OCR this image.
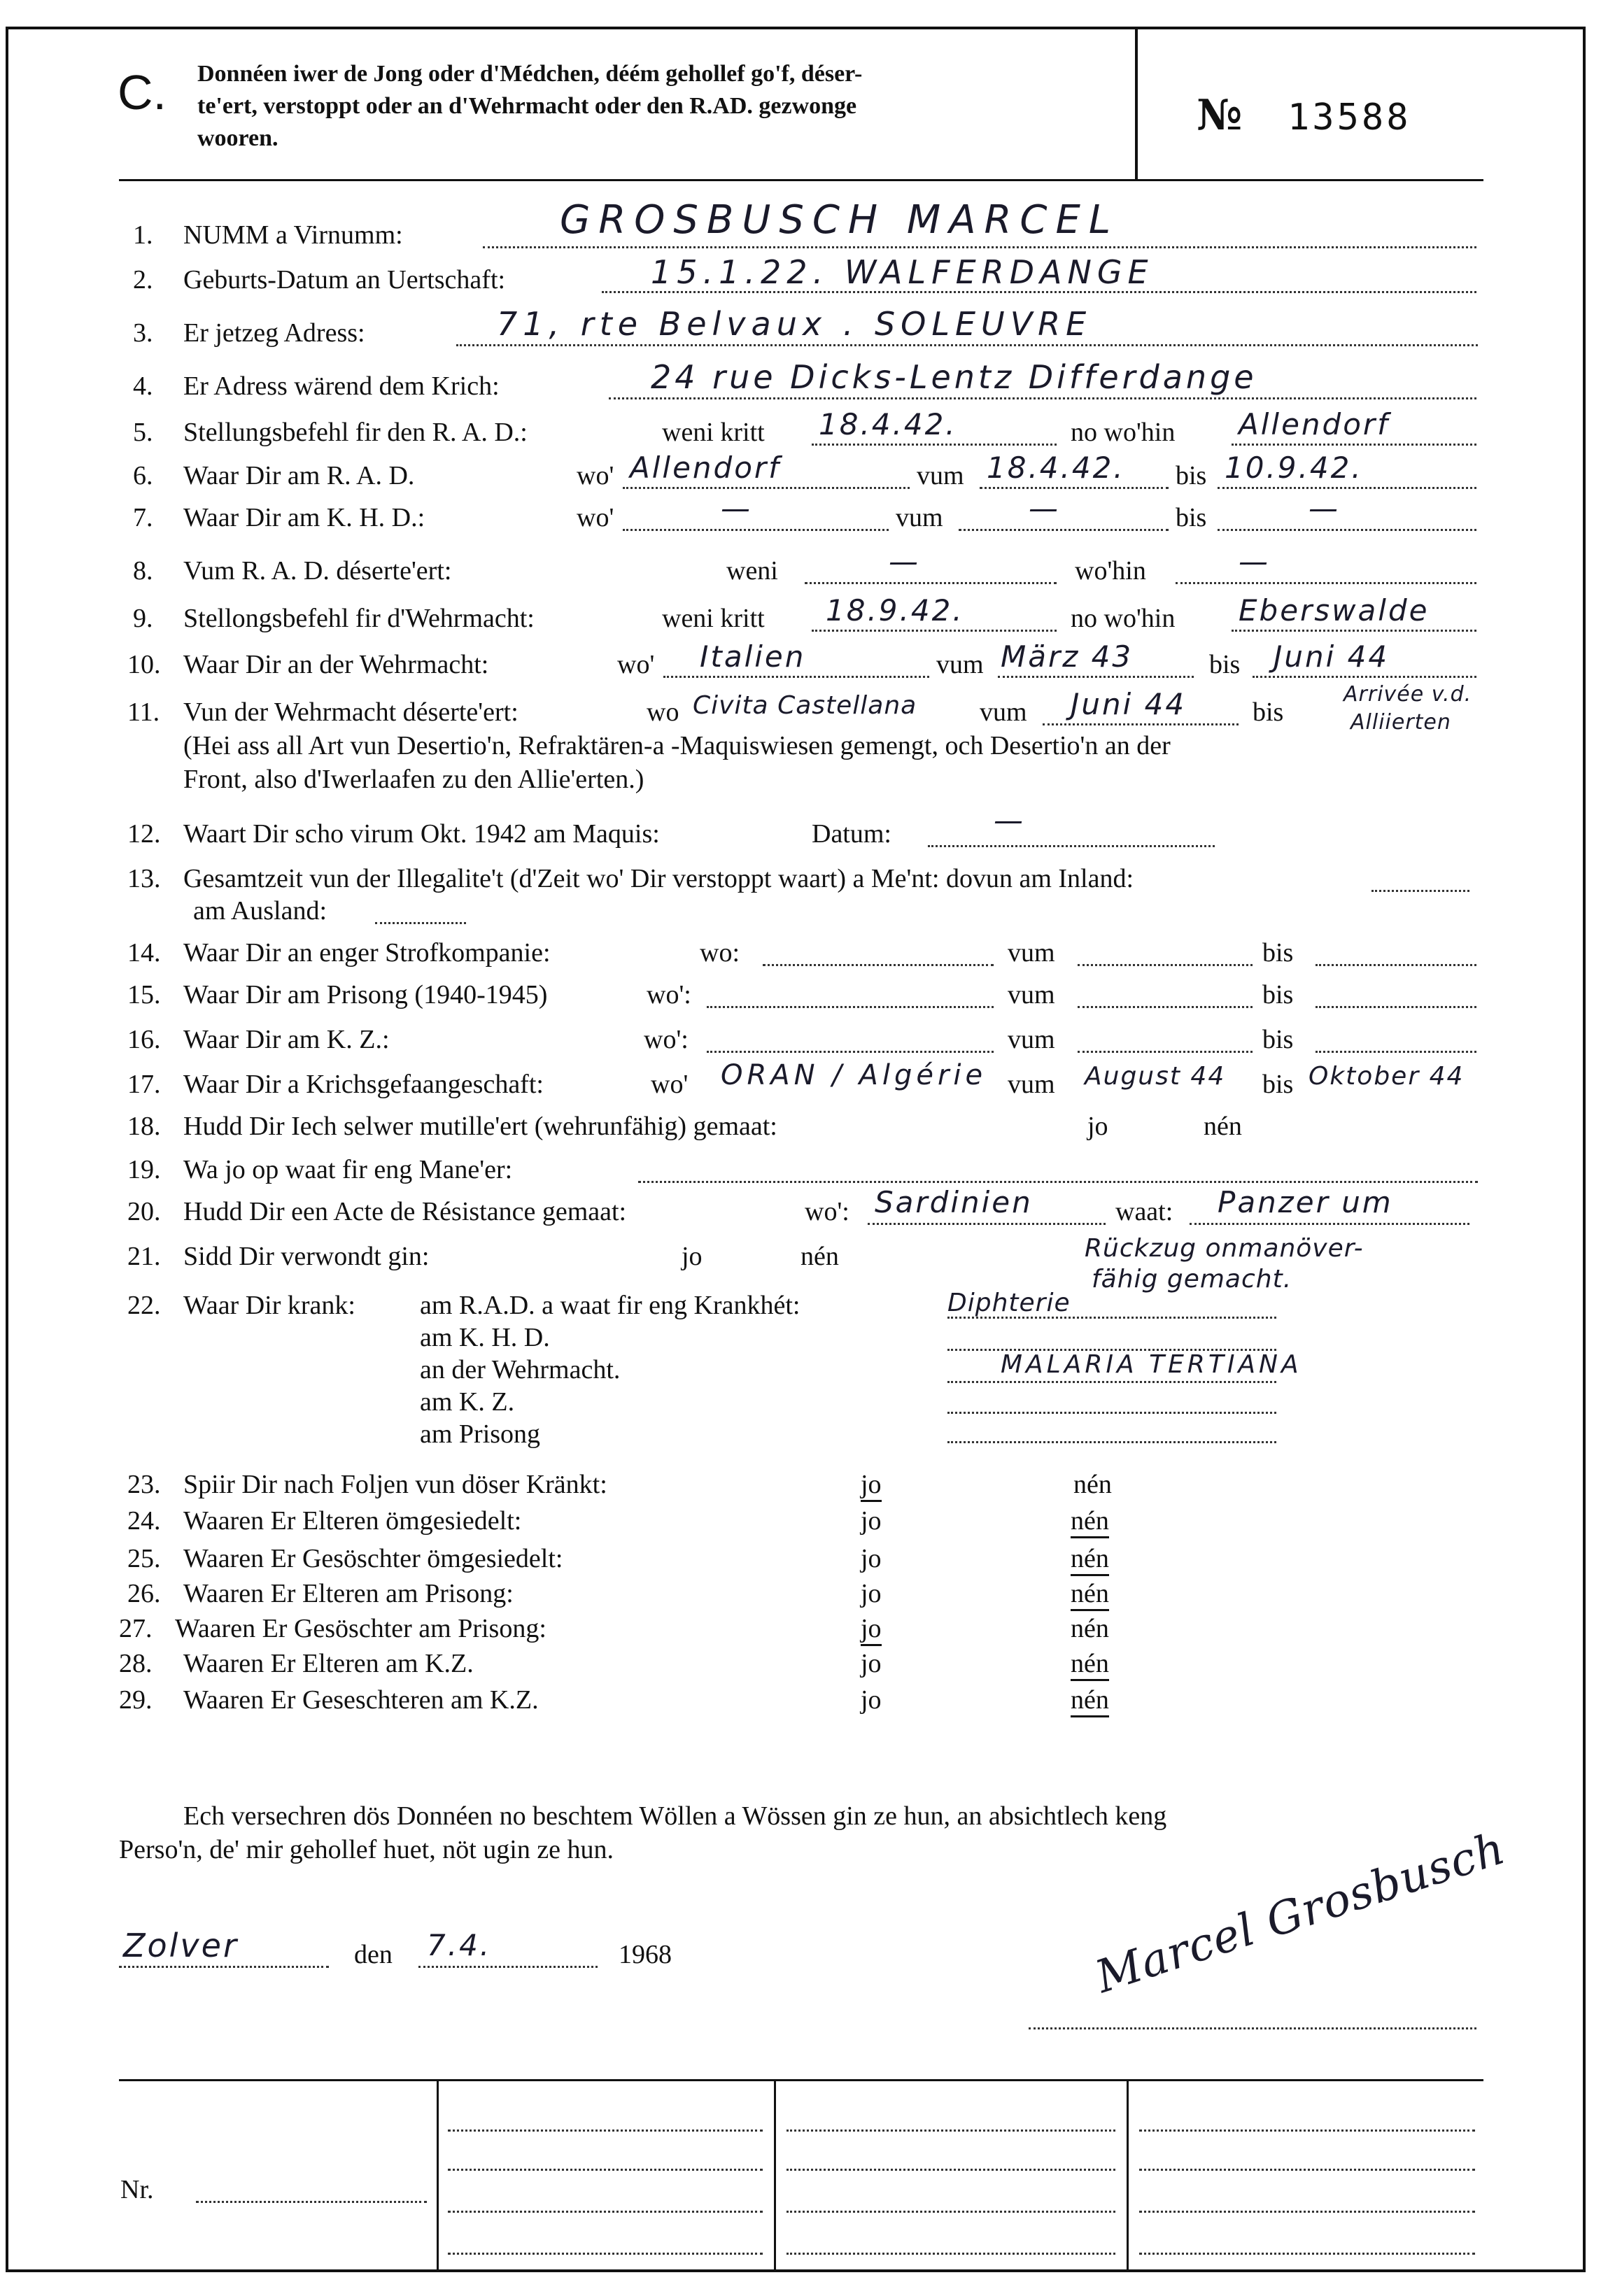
C. Donnéen iwer de Jong oder d'Médchen, déém gehollef go'f, déser-
te'ert, verstoppt oder an d'Wehrmacht oder den R.AD. gezwonge
wooren.	№ 13588
1. NUMM a Virnumm:	GROSBUSCH MARCEL
2. Geburts-Datum an Uertschaft:	15.1.22. WALFERDANGE
3. Er jetzeg Adress:	71, rte Belvaux . SOLEUVRE
4. Er Adress wärend dem Krich:	24 rue Dicks-Lentz Differdange
5. Stellungsbefehl fir den R. A. D.:	weni kritt 18.4.42.	no wo'hin Allendorf
6. Waar Dir am R. A. D.	wo' Allendorf	vum 18.4.42. bis 10.9.42.
7. Waar Dir am K. H. D.:	wo'	—	vum	—	bis	—
8. Vum R. A. D. déserte'ert:	weni	—	wo'hin	—
9. Stellongsbefehl fir d'Wehrmacht:	weni kritt 18.9.42.	no wo'hin Eberswalde
10. Waar Dir an der Wehrmacht:	wo' Italien	vum März 43	bis Juni 44
11. Vun der Wehrmacht déserte'ert:	wo Civita Castellana vum Juni 44 bis
Arrivée v.d.
Alliierten
(Hei ass all Art vun Desertio'n, Refraktären-a -Maquiswiesen gemengt, och Desertio'n an der
Front, also d'Iwerlaafen zu den Allie'erten.)
12. Waart Dir scho virum Okt. 1942 am Maquis:	Datum:	—
13. Gesamtzeit vun der Illegalite't (d'Zeit wo' Dir verstoppt waart) a Me'nt: dovun am Inland:
am Ausland:
14. Waar Dir an enger Strofkompanie:	wo:	vum	bis
15. Waar Dir am Prisong (1940-1945)	wo':	vum	bis
16. Waar Dir am K. Z.:	wo':	vum	bis
17. Waar Dir a Krichsgefaangeschaft:	wo' ORAN / Algérie vum August 44 bis Oktober 44
18. Hudd Dir Iech selwer mutille'ert (wehrunfähig) gemaat:	jo	nén
19. Wa jo op waat fir eng Mane'er:
20. Hudd Dir een Acte de Résistance gemaat:	wo': Sardinien	waat: Panzer um
Rückzug onmanöver-
fähig gemacht.
21. Sidd Dir verwondt gin:	jo	nén
22. Waar Dir krank: am R.A.D. a waat fir eng Krankhét:	Diphterie
am K. H. D.
an der Wehrmacht.	MALARIA TERTIANA
am K. Z.
am Prisong
23. Spiir Dir nach Foljen vun döser Kränkt:	jo	nén
24. Waaren Er Elteren ömgesiedelt:	jo	nén
25. Waaren Er Gesöschter ömgesiedelt:	jo	nén
26. Waaren Er Elteren am Prisong:	jo	nén
27. Waaren Er Gesöschter am Prisong:	jo	nén
28. Waaren Er Elteren am K.Z.	jo	nén
29. Waaren Er Geseschteren am K.Z.	jo	nén
Ech versechren dös Donnéen no beschtem Wöllen a Wössen gin ze hun, an absichtlech keng
Perso'n, de' mir gehollef huet, nöt ugin ze hun.
Zolver	den 7.4.	1968	Marcel Grosbusch
Nr.
